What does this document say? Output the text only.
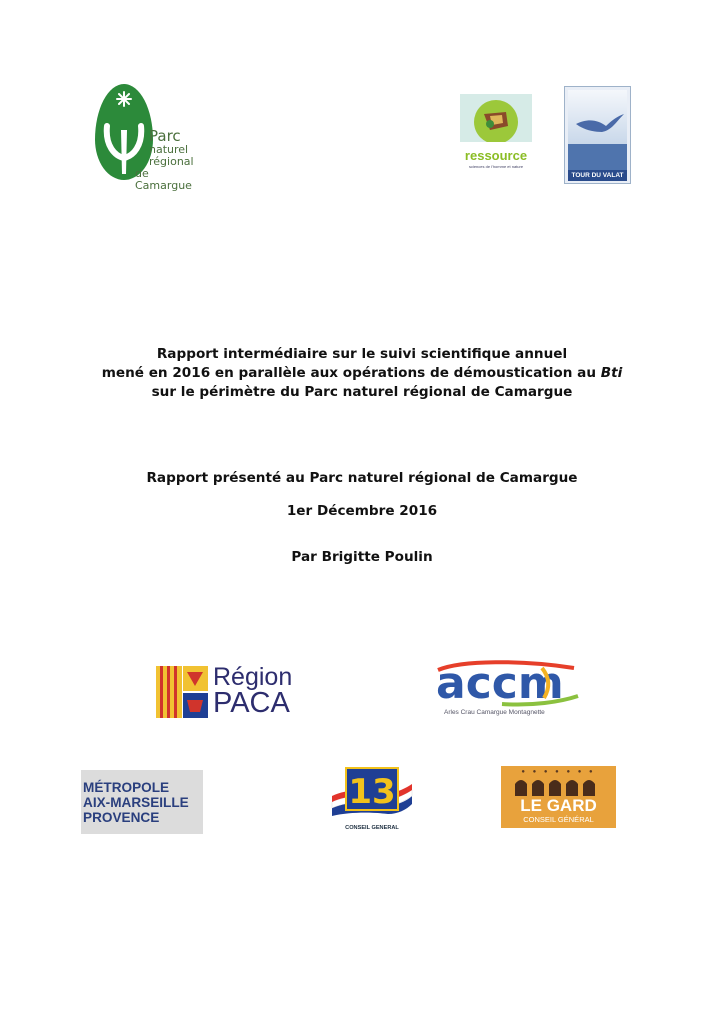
Parc
naturel
régional
de Camargue
ressource
sciences de l'homme et nature
TOUR DU VALAT
Rapport intermédiaire sur le suivi scientifique annuel
mené en 2016 en parallèle aux opérations de démoustication au Bti
sur le périmètre du Parc naturel régional de Camargue
Rapport présenté au Parc naturel régional de Camargue
1er Décembre 2016
Par Brigitte Poulin
Région
PACA	accm
Arles Crau Camargue Montagnette
MÉTROPOLE
AIX-MARSEILLE
PROVENCE
13
CONSEIL GENERAL
● ● ● ● ● ● ●
LE GARD
CONSEIL GÉNÉRAL
